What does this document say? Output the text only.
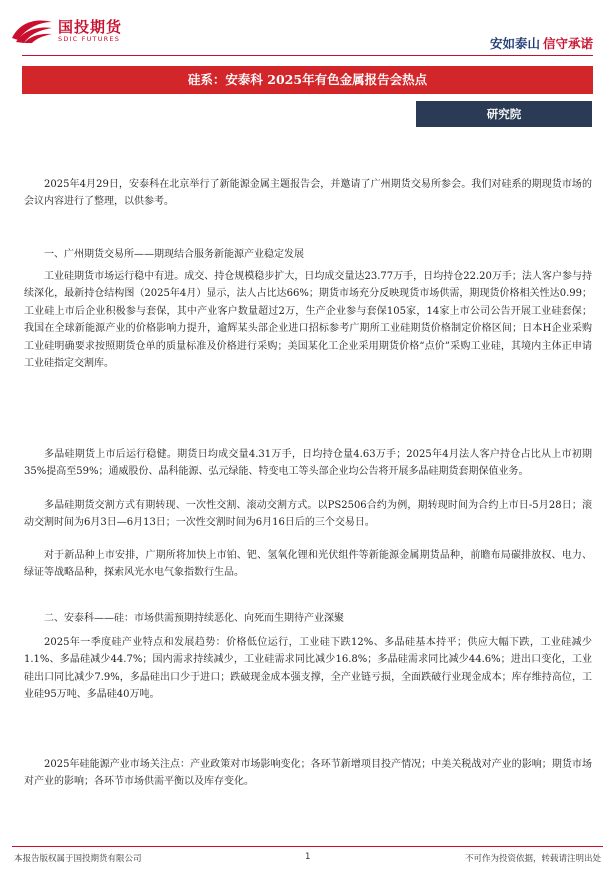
国投期货
SDIC FUTURES	安如泰山 信守承诺
硅系：安泰科 2025年有色金属报告会热点
研究院

2025年4月29日，安泰科在北京举行了新能源金属主题报告会，并邀请了广州期货交易所参会。我们对硅系的期现货市场的会议内容进行了整理，以供参考。

一、广州期货交易所——期现结合服务新能源产业稳定发展

工业硅期货市场运行稳中有进。成交、持仓规模稳步扩大，日均成交量达23.77万手，日均持仓22.20万手；法人客户参与持续深化，最新持仓结构图（2025年4月）显示，法人占比达66%；期货市场充分反映现货市场供需，期现货价格相关性达0.99；工业硅上市后企业积极参与套保，其中产业客户数量超过2万，生产企业参与套保105家，14家上市公司公告开展工业硅套保；我国在全球新能源产业的价格影响力提升，逾辉某头部企业进口招标参考广期所工业硅期货价格制定价格区间；日本H企业采购工业硅明确要求按照期货仓单的质量标准及价格进行采购；美国某化工企业采用期货价格“点价”采购工业硅，其境内主体正申请工业硅指定交割库。

多晶硅期货上市后运行稳健。期货日均成交量4.31万手，日均持仓量4.63万手；2025年4月法人客户持仓占比从上市初期35%提高至59%；通威股份、晶科能源、弘元绿能、特变电工等头部企业均公告将开展多晶硅期货套期保值业务。

多晶硅期货交割方式有期转现、一次性交割、滚动交割方式。以PS2506合约为例，期转现时间为合约上市日-5月28日；滚动交割时间为6月3日—6月13日；一次性交割时间为6月16日后的三个交易日。

对于新品种上市安排，广期所将加快上市铂、钯、氢氧化锂和光伏组件等新能源金属期货品种，前瞻布局碳排放权、电力、绿证等战略品种，探索风光水电气象指数行生品。

二、安泰科——硅：市场供需预期持续恶化、向死而生期待产业深聚

2025年一季度硅产业特点和发展趋势：价格低位运行，工业硅下跌12%、多晶硅基本持平；供应大幅下跌，工业硅减少1.1%、多晶硅减少44.7%；国内需求持续减少，工业硅需求同比减少16.8%；多晶硅需求同比减少44.6%；进出口变化，工业硅出口同比减少7.9%，多晶硅出口少于进口；跌破现金成本强支撑，全产业链亏损，全面跌破行业现金成本；库存维持高位，工业硅95万吨、多晶硅40万吨。

2025年硅能源产业市场关注点：产业政策对市场影响变化；各环节新增项目投产情况；中美关税战对产业的影响；期货市场对产业的影响；各环节市场供需平衡以及库存变化。

本报告版权属于国投期货有限公司	1	不可作为投资依据，转载请注明出处
